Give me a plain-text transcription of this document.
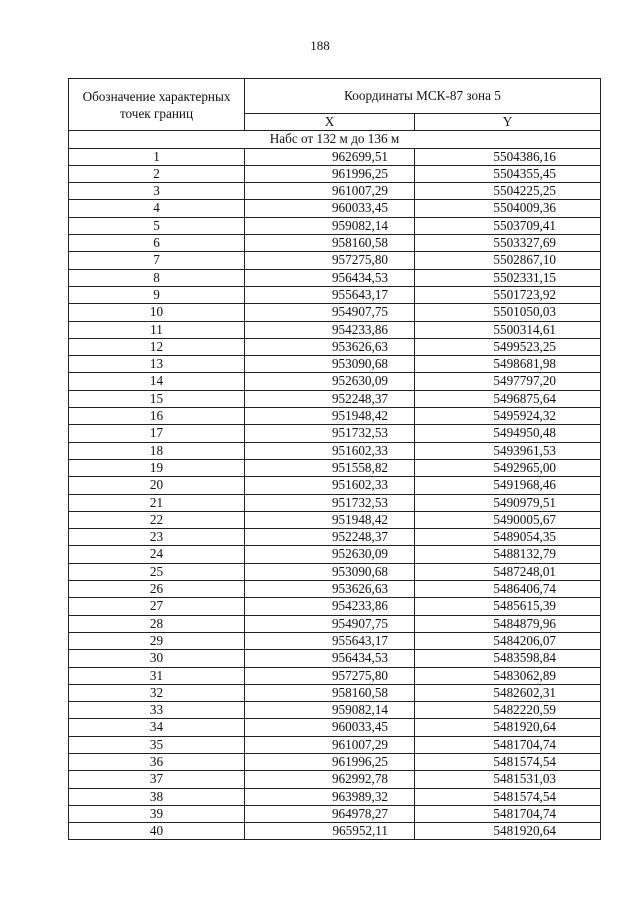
188
Обозначение характерных точек границ	Координаты МСК-87 зона 5	
	X	Y
Набс от 132 м до 136 м		
1	962699,51	5504386,16
2	961996,25	5504355,45
3	961007,29	5504225,25
4	960033,45	5504009,36
5	959082,14	5503709,41
6	958160,58	5503327,69
7	957275,80	5502867,10
8	956434,53	5502331,15
9	955643,17	5501723,92
10	954907,75	5501050,03
11	954233,86	5500314,61
12	953626,63	5499523,25
13	953090,68	5498681,98
14	952630,09	5497797,20
15	952248,37	5496875,64
16	951948,42	5495924,32
17	951732,53	5494950,48
18	951602,33	5493961,53
19	951558,82	5492965,00
20	951602,33	5491968,46
21	951732,53	5490979,51
22	951948,42	5490005,67
23	952248,37	5489054,35
24	952630,09	5488132,79
25	953090,68	5487248,01
26	953626,63	5486406,74
27	954233,86	5485615,39
28	954907,75	5484879,96
29	955643,17	5484206,07
30	956434,53	5483598,84
31	957275,80	5483062,89
32	958160,58	5482602,31
33	959082,14	5482220,59
34	960033,45	5481920,64
35	961007,29	5481704,74
36	961996,25	5481574,54
37	962992,78	5481531,03
38	963989,32	5481574,54
39	964978,27	5481704,74
40	965952,11	5481920,64
